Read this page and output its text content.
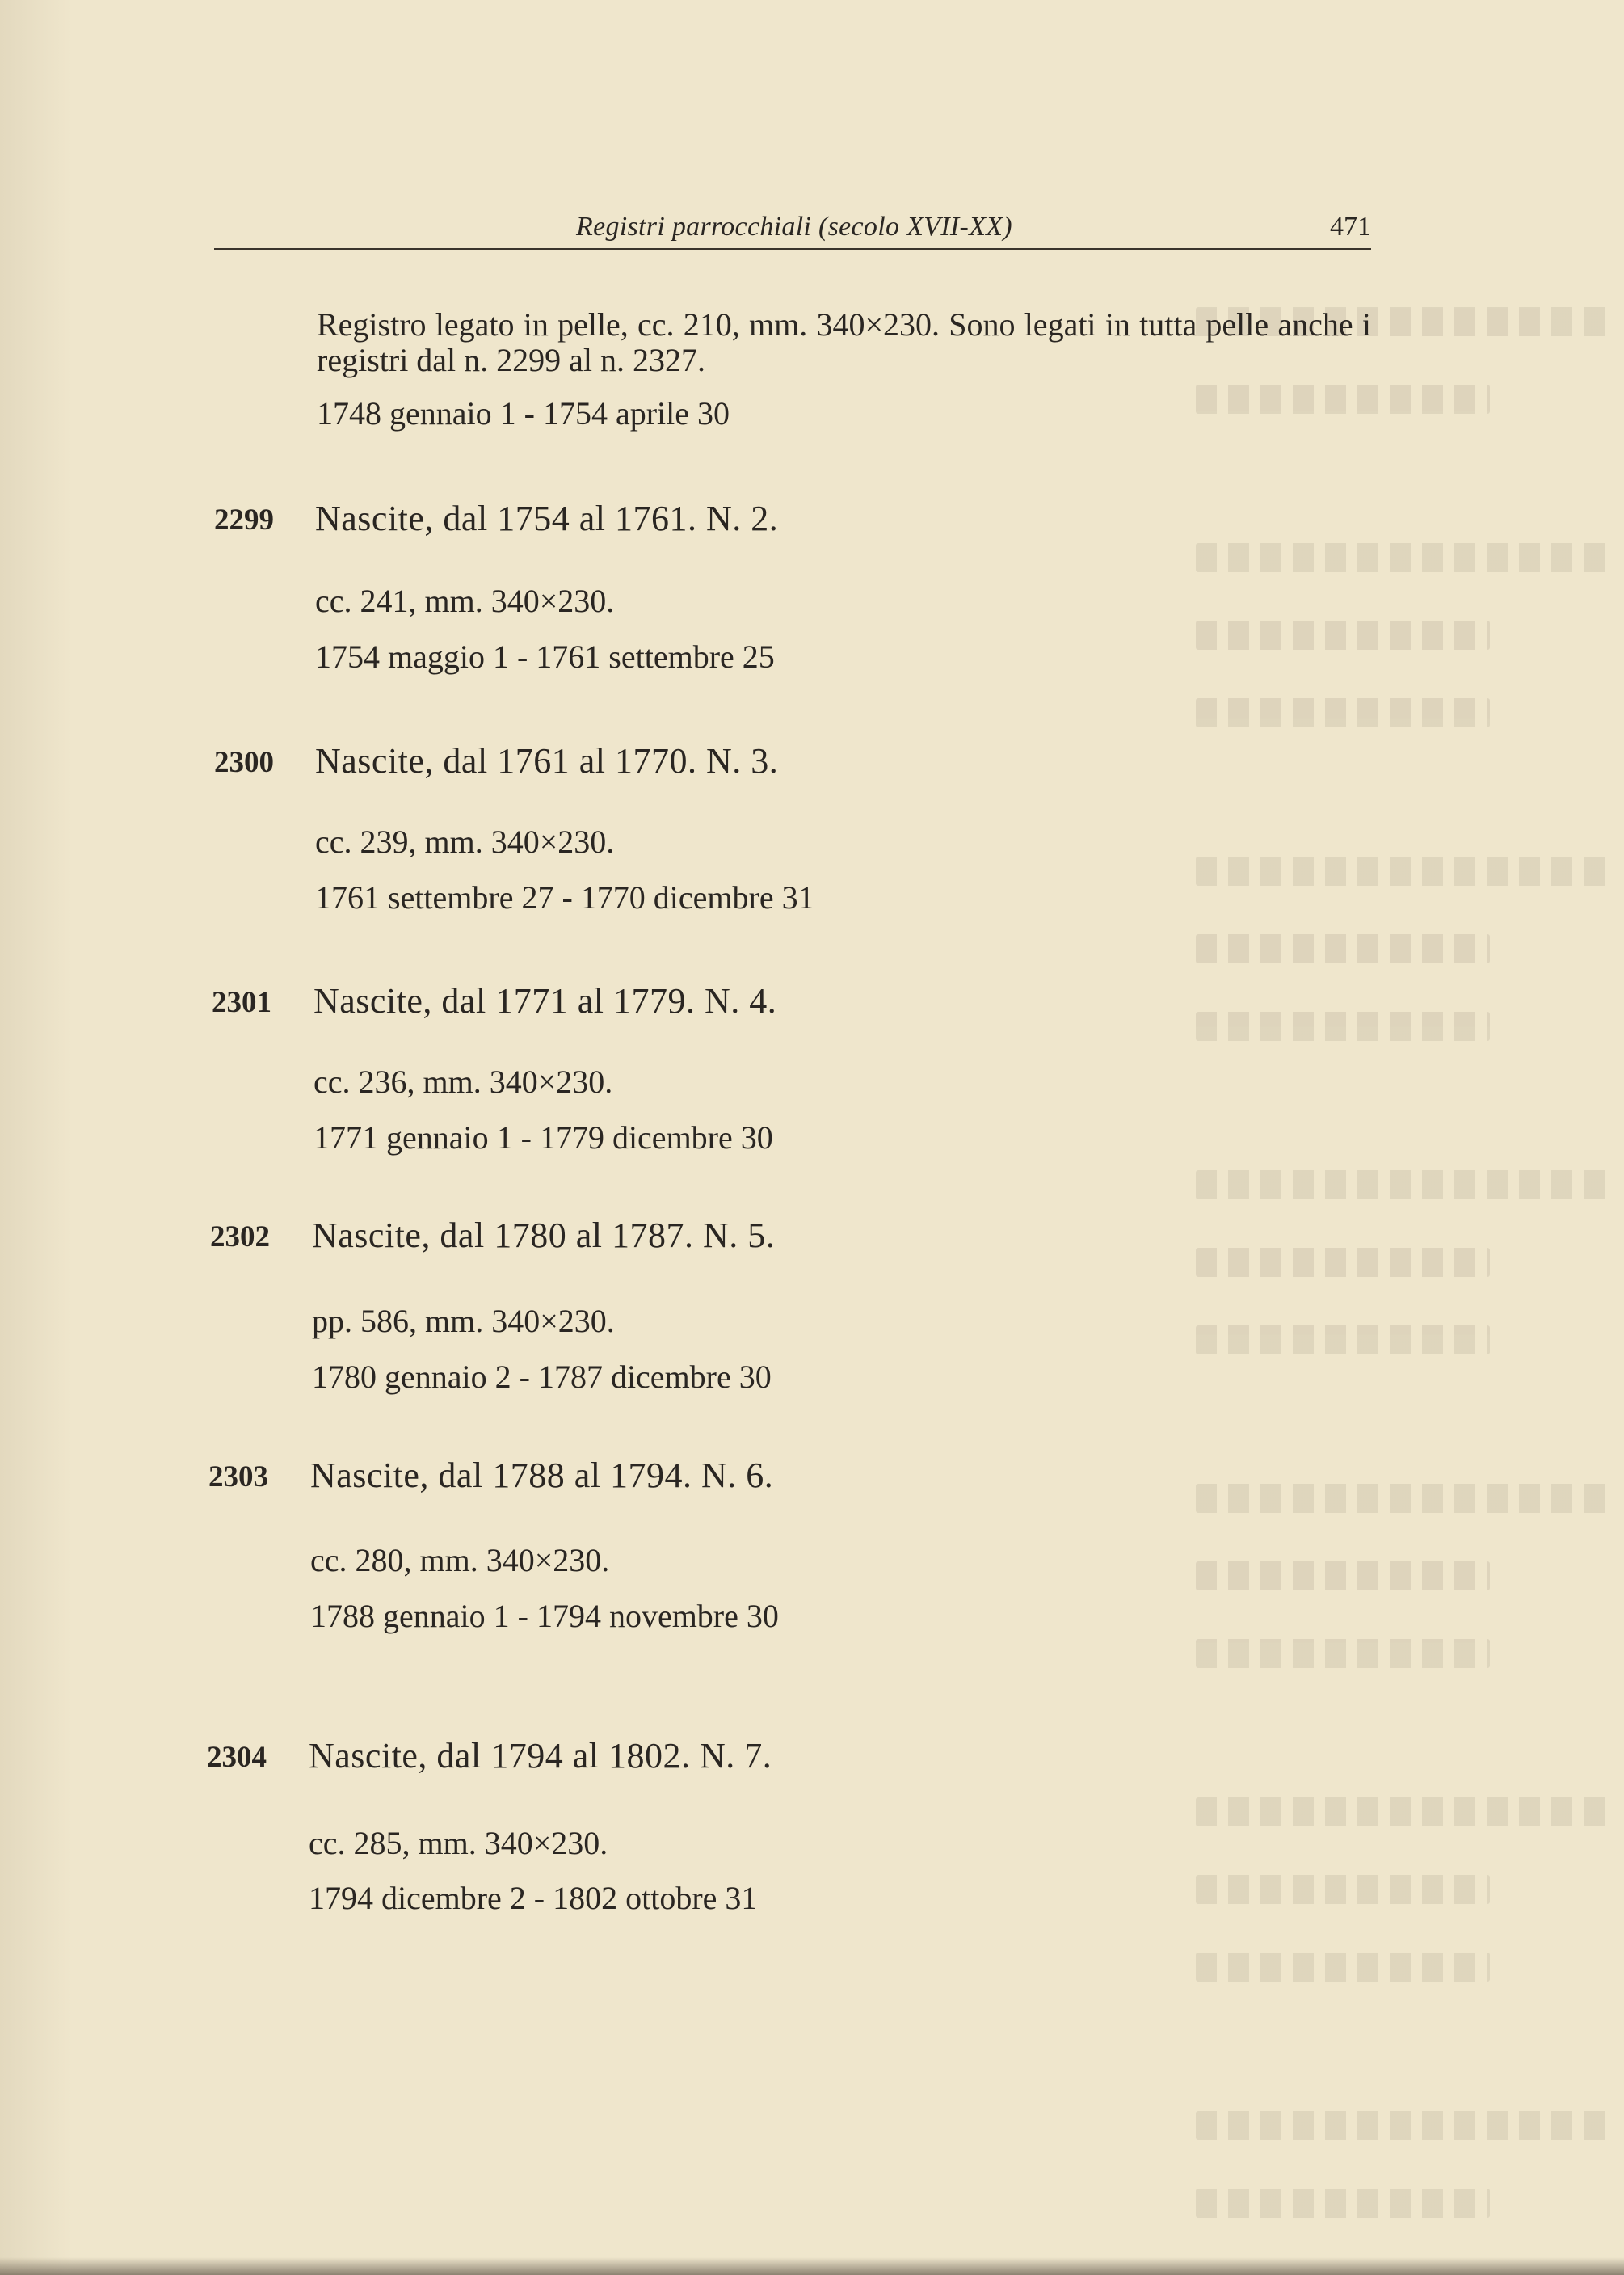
Registri parrocchiali (secolo XVII-XX)	471
Registro legato in pelle, cc. 210, mm. 340×230. Sono legati in tutta pelle anche i registri dal n. 2299 al n. 2327.
1748 gennaio 1 - 1754 aprile 30
2299 Nascite, dal 1754 al 1761. N. 2.
cc. 241, mm. 340×230.
1754 maggio 1 - 1761 settembre 25
2300 Nascite, dal 1761 al 1770. N. 3.
cc. 239, mm. 340×230.
1761 settembre 27 - 1770 dicembre 31
2301 Nascite, dal 1771 al 1779. N. 4.
cc. 236, mm. 340×230.
1771 gennaio 1 - 1779 dicembre 30
2302 Nascite, dal 1780 al 1787. N. 5.
pp. 586, mm. 340×230.
1780 gennaio 2 - 1787 dicembre 30
2303 Nascite, dal 1788 al 1794. N. 6.
cc. 280, mm. 340×230.
1788 gennaio 1 - 1794 novembre 30
2304 Nascite, dal 1794 al 1802. N. 7.
cc. 285, mm. 340×230.
1794 dicembre 2 - 1802 ottobre 31
